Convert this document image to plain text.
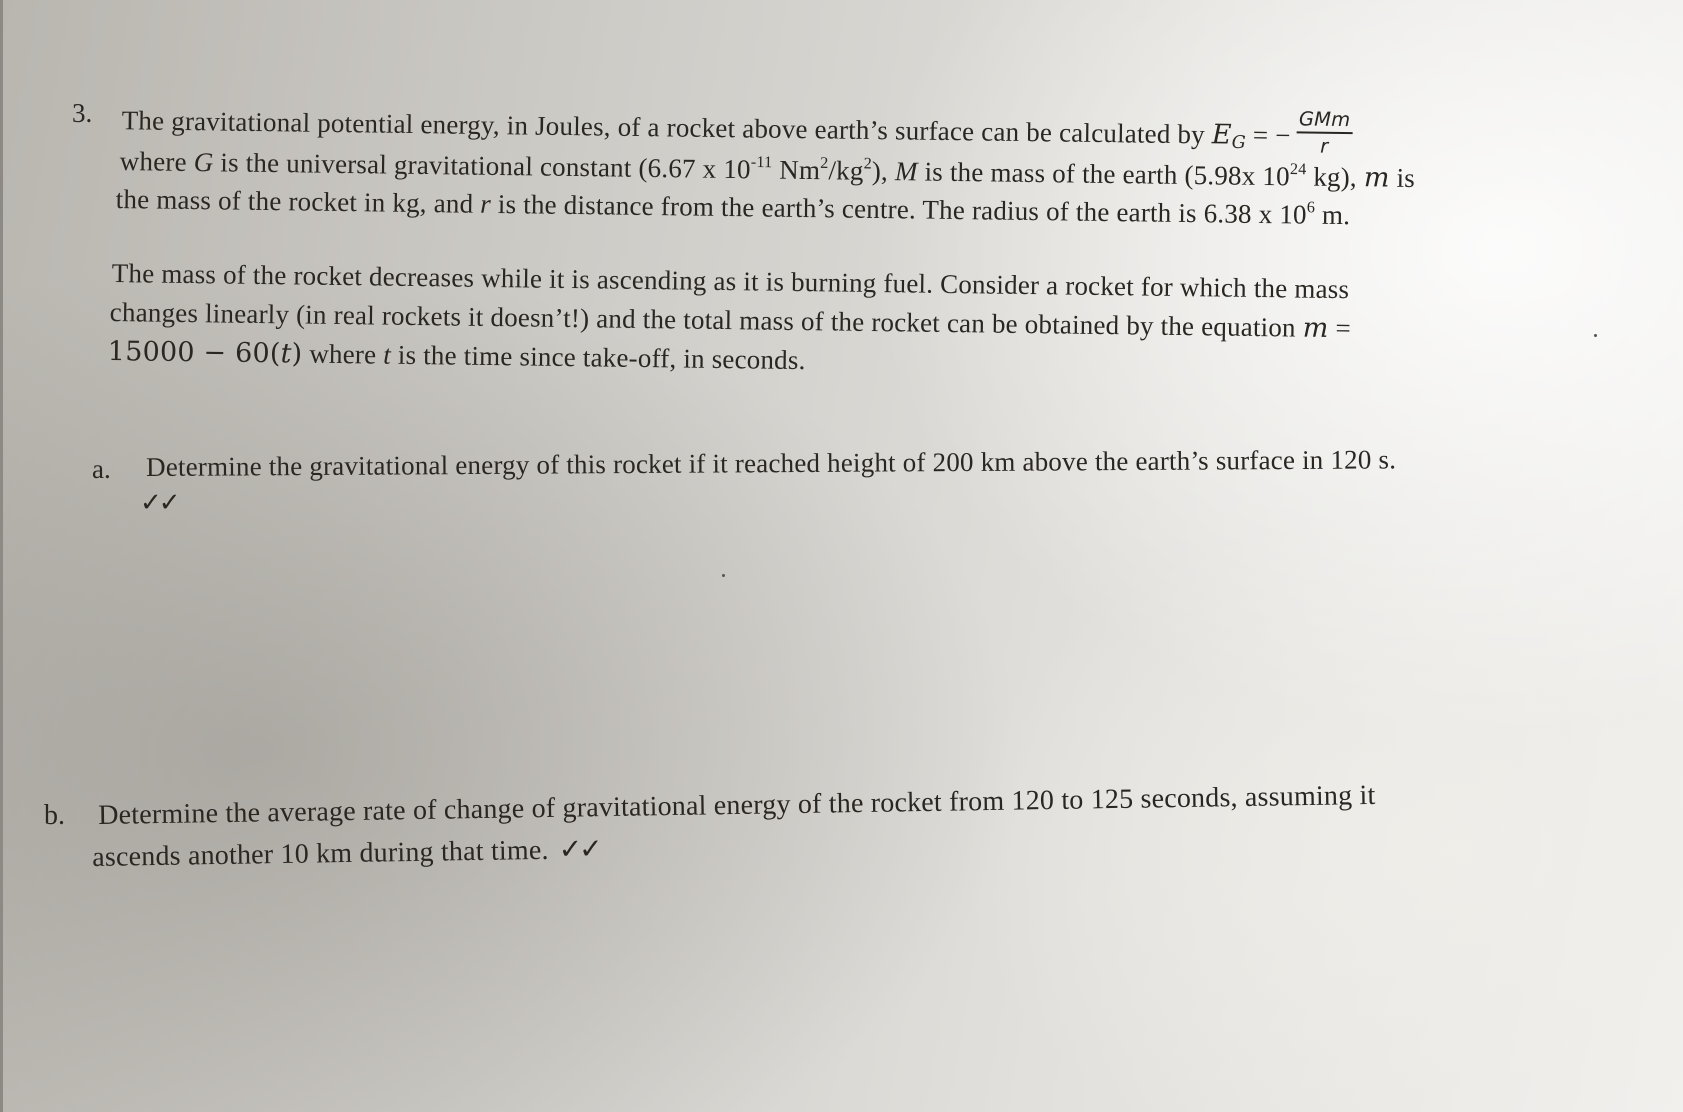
3. The gravitational potential energy, in Joules, of a rocket above earth’s surface can be calculated by $E_G$ = − $\frac{\text{GMm}}{r}$
where G is the universal gravitational constant (6.67 x $10^{-11}$ $Nm^2/kg^2$), M is the mass of the earth (5.98x $10^{24}$ kg), m is
the mass of the rocket in kg, and r is the distance from the earth’s centre. The radius of the earth is 6.38 x $10^6$ m.
The mass of the rocket decreases while it is ascending as it is burning fuel. Consider a rocket for which the mass
changes linearly (in real rockets it doesn’t!) and the total mass of the rocket can be obtained by the equation m =
15000 − 60(t) where t is the time since take-off, in seconds.
a. Determine the gravitational energy of this rocket if it reached height of 200 km above the earth’s surface in 120 s.
✓✓
b. Determine the average rate of change of gravitational energy of the rocket from 120 to 125 seconds, assuming it
ascends another 10 km during that time. ✓✓
